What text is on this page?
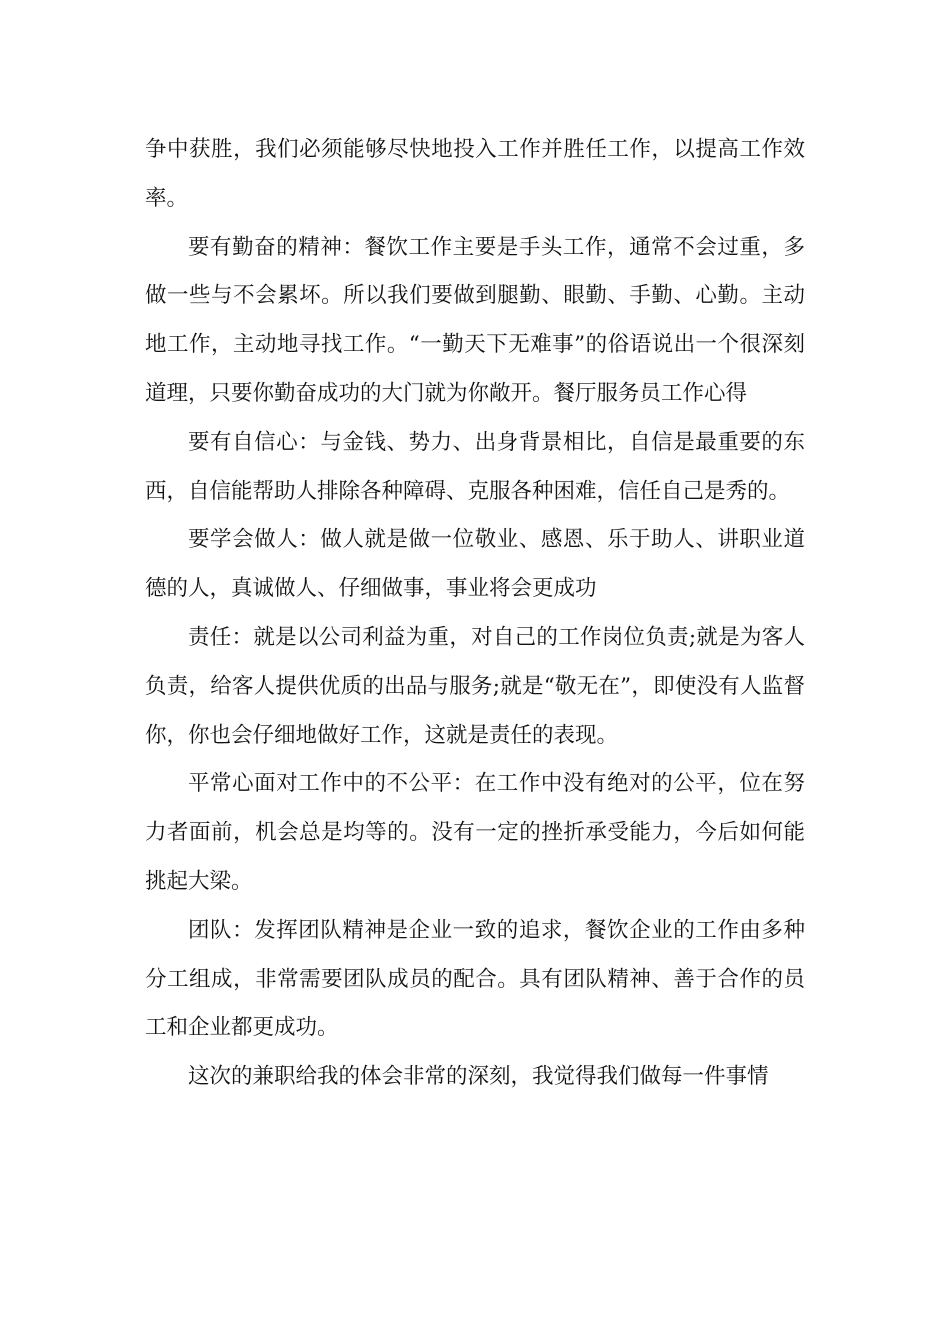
争中获胜，我们必须能够尽快地投入工作并胜任工作，以提高工作效率。

要有勤奋的精神：餐饮工作主要是手头工作，通常不会过重，多做一些与不会累坏。所以我们要做到腿勤、眼勤、手勤、心勤。主动地工作，主动地寻找工作。“一勤天下无难事”的俗语说出一个很深刻道理，只要你勤奋成功的大门就为你敞开。餐厅服务员工作心得

要有自信心：与金钱、势力、出身背景相比，自信是最重要的东西，自信能帮助人排除各种障碍、克服各种困难，信任自己是秀的。

要学会做人：做人就是做一位敬业、感恩、乐于助人、讲职业道德的人，真诚做人、仔细做事，事业将会更成功

责任：就是以公司利益为重，对自己的工作岗位负责;就是为客人负责，给客人提供优质的出品与服务;就是“敬无在”，即使没有人监督你，你也会仔细地做好工作，这就是责任的表现。

平常心面对工作中的不公平：在工作中没有绝对的公平，位在努力者面前，机会总是均等的。没有一定的挫折承受能力，今后如何能挑起大梁。

团队：发挥团队精神是企业一致的追求，餐饮企业的工作由多种分工组成，非常需要团队成员的配合。具有团队精神、善于合作的员工和企业都更成功。

这次的兼职给我的体会非常的深刻，我觉得我们做每一件事情
